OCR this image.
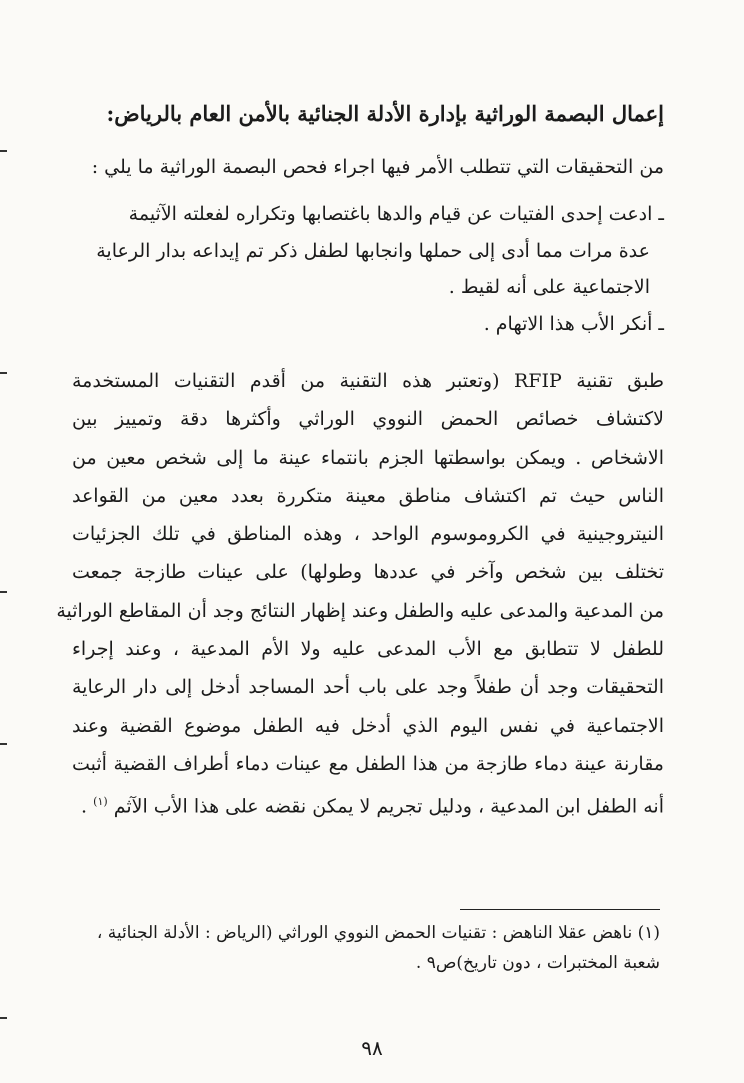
إعمال البصمة الوراثية بإدارة الأدلة الجنائية بالأمن العام بالرياض:
من التحقيقات التي تتطلب الأمر فيها اجراء فحص البصمة الوراثية ما يلي :

ـادعت إحدى الفتيات عن قيام والدها باغتصابها وتكراره لفعلته الآثيمة
عدة مرات مما أدى إلى حملها وانجابها لطفل ذكر تم إيداعه بدار الرعاية
الاجتماعية على أنه لقيط .

ـأنكر الأب هذا الاتهام .

طبق تقنية RFIP (وتعتبر هذه التقنية من أقدم التقنيات المستخدمة
لاكتشاف خصائص الحمض النووي الوراثي وأكثرها دقة وتمييز بين
الاشخاص . ويمكن بواسطتها الجزم بانتماء عينة ما إلى شخص معين من
الناس حيث تم اكتشاف مناطق معينة متكررة بعدد معين من القواعد
النيتروجينية في الكروموسوم الواحد ، وهذه المناطق في تلك الجزئيات
تختلف بين شخص وآخر في عددها وطولها) على عينات طازجة جمعت
من المدعية والمدعى عليه والطفل وعند إظهار النتائج وجد أن المقاطع الوراثية
للطفل لا تتطابق مع الأب المدعى عليه ولا الأم المدعية ، وعند إجراء
التحقيقات وجد أن طفلاً وجد على باب أحد المساجد أدخل إلى دار الرعاية
الاجتماعية في نفس اليوم الذي أدخل فيه الطفل موضوع القضية وعند
مقارنة عينة دماء طازجة من هذا الطفل مع عينات دماء أطراف القضية أثبت
أنه الطفل ابن المدعية ، ودليل تجريم لا يمكن نقضه على هذا الأب الآثم $^{(١)}$ .
(١) ناهض عقلا الناهض : تقنيات الحمض النووي الوراثي (الرياض : الأدلة الجنائية ،
شعبة المختبرات ، دون تاريخ)ص٩ .
٩٨
